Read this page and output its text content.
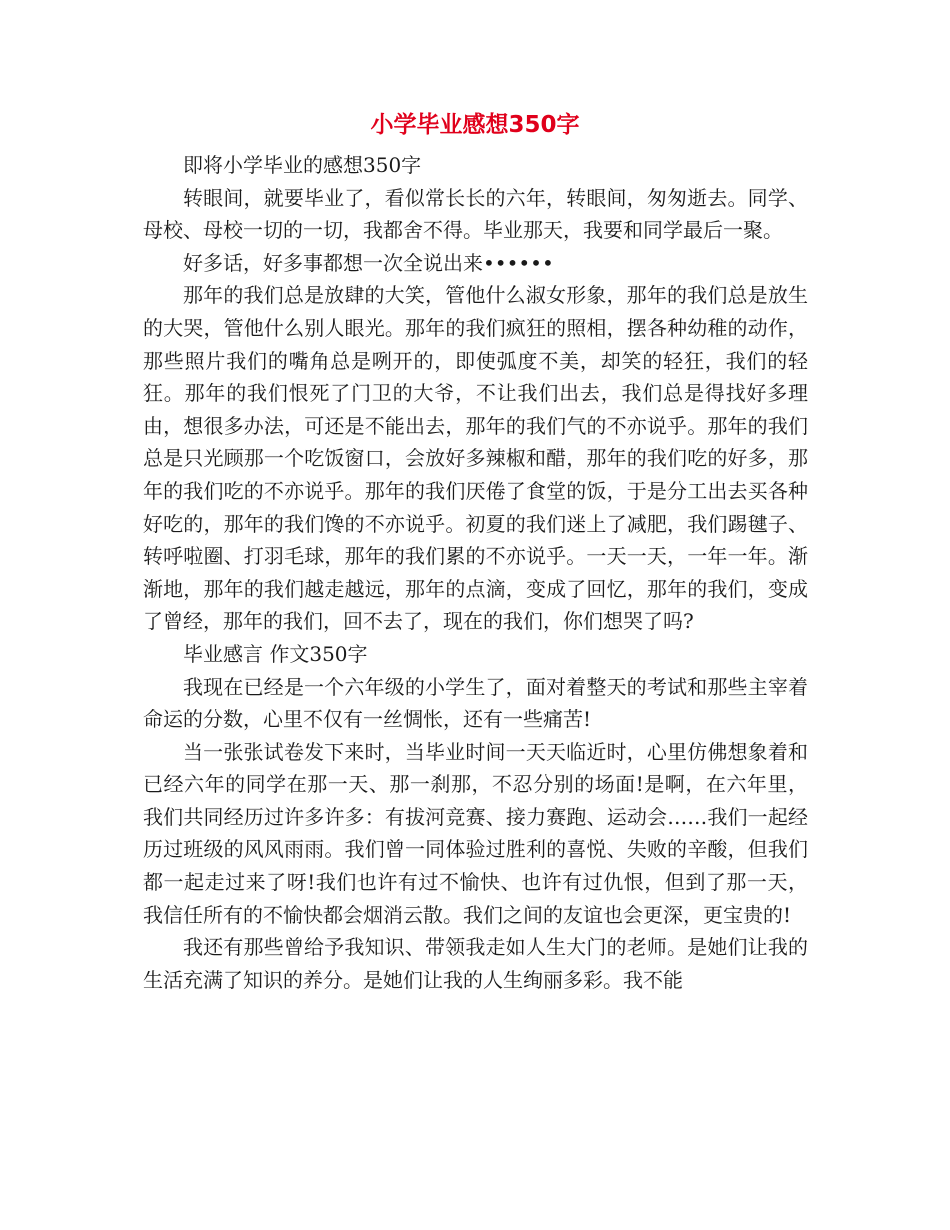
小学毕业感想350字

即将小学毕业的感想350字

转眼间，就要毕业了，看似常长长的六年，转眼间，匆匆逝去。同学、母校、母校一切的一切，我都舍不得。毕业那天，我要和同学最后一聚。

好多话，好多事都想一次全说出来••••••

那年的我们总是放肆的大笑，管他什么淑女形象，那年的我们总是放生的大哭，管他什么别人眼光。那年的我们疯狂的照相，摆各种幼稚的动作，那些照片我们的嘴角总是咧开的，即使弧度不美，却笑的轻狂，我们的轻狂。那年的我们恨死了门卫的大爷，不让我们出去，我们总是得找好多理由，想很多办法，可还是不能出去，那年的我们气的不亦说乎。那年的我们总是只光顾那一个吃饭窗口，会放好多辣椒和醋，那年的我们吃的好多，那年的我们吃的不亦说乎。那年的我们厌倦了食堂的饭，于是分工出去买各种好吃的，那年的我们馋的不亦说乎。初夏的我们迷上了减肥，我们踢毽子、转呼啦圈、打羽毛球，那年的我们累的不亦说乎。一天一天，一年一年。渐渐地，那年的我们越走越远，那年的点滴，变成了回忆，那年的我们，变成了曾经，那年的我们，回不去了，现在的我们，你们想哭了吗?

毕业感言 作文350字

我现在已经是一个六年级的小学生了，面对着整天的考试和那些主宰着命运的分数，心里不仅有一丝惆怅，还有一些痛苦!

当一张张试卷发下来时，当毕业时间一天天临近时，心里仿佛想象着和已经六年的同学在那一天、那一刹那，不忍分别的场面!是啊，在六年里，我们共同经历过许多许多：有拔河竞赛、接力赛跑、运动会……我们一起经历过班级的风风雨雨。我们曾一同体验过胜利的喜悦、失败的辛酸，但我们都一起走过来了呀!我们也许有过不愉快、也许有过仇恨，但到了那一天，我信任所有的不愉快都会烟消云散。我们之间的友谊也会更深，更宝贵的!

我还有那些曾给予我知识、带领我走如人生大门的老师。是她们让我的生活充满了知识的养分。是她们让我的人生绚丽多彩。我不能
